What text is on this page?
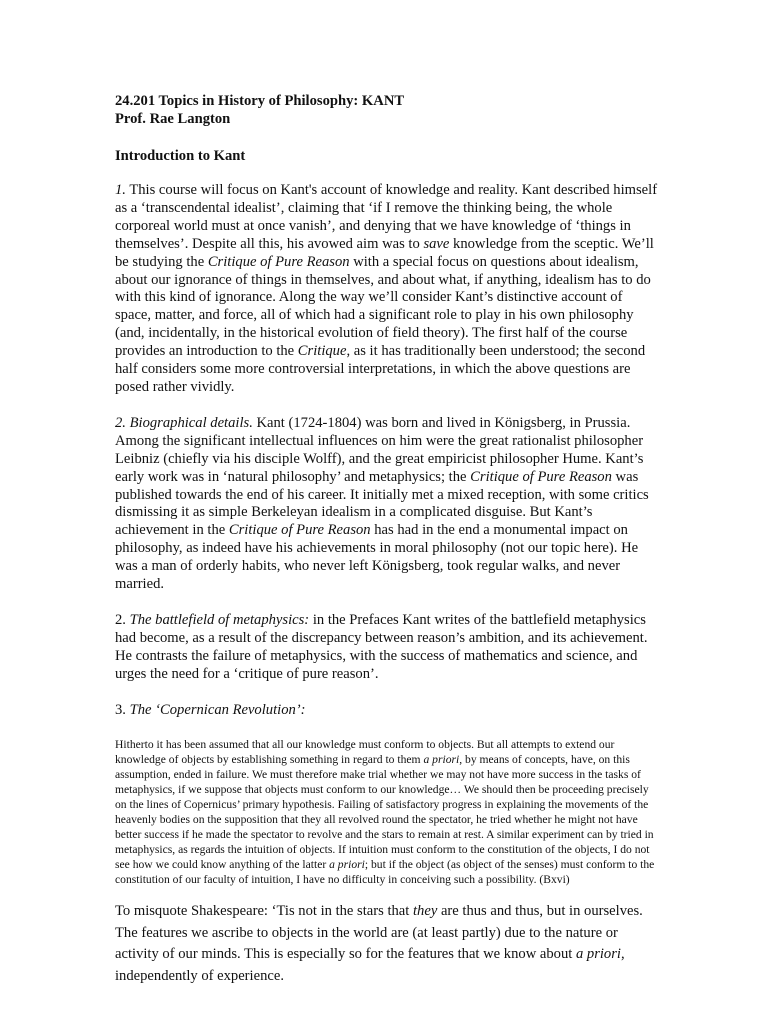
24.201 Topics in History of Philosophy: KANT

Prof. Rae Langton

Introduction to Kant

1. This course will focus on Kant's account of knowledge and reality. Kant described himself as a ‘transcendental idealist’, claiming that ‘if I remove the thinking being, the whole corporeal world must at once vanish’, and denying that we have knowledge of ‘things in themselves’. Despite all this, his avowed aim was to save knowledge from the sceptic. We’ll be studying the Critique of Pure Reason with a special focus on questions about idealism, about our ignorance of things in themselves, and about what, if anything, idealism has to do with this kind of ignorance. Along the way we’ll consider Kant’s distinctive account of space, matter, and force, all of which had a significant role to play in his own philosophy (and, incidentally, in the historical evolution of field theory). The first half of the course provides an introduction to the Critique, as it has traditionally been understood; the second half considers some more controversial interpretations, in which the above questions are posed rather vividly.

2. Biographical details. Kant (1724-1804) was born and lived in Königsberg, in Prussia. Among the significant intellectual influences on him were the great rationalist philosopher Leibniz (chiefly via his disciple Wolff), and the great empiricist philosopher Hume. Kant’s early work was in ‘natural philosophy’ and metaphysics; the Critique of Pure Reason was published towards the end of his career. It initially met a mixed reception, with some critics dismissing it as simple Berkeleyan idealism in a complicated disguise. But Kant’s achievement in the Critique of Pure Reason has had in the end a monumental impact on philosophy, as indeed have his achievements in moral philosophy (not our topic here). He was a man of orderly habits, who never left Königsberg, took regular walks, and never married.

2. The battlefield of metaphysics: in the Prefaces Kant writes of the battlefield metaphysics had become, as a result of the discrepancy between reason’s ambition, and its achievement. He contrasts the failure of metaphysics, with the success of mathematics and science, and urges the need for a ‘critique of pure reason’.

3. The ‘Copernican Revolution’:

Hitherto it has been assumed that all our knowledge must conform to objects. But all attempts to extend our knowledge of objects by establishing something in regard to them a priori, by means of concepts, have, on this assumption, ended in failure. We must therefore make trial whether we may not have more success in the tasks of metaphysics, if we suppose that objects must conform to our knowledge… We should then be proceeding precisely on the lines of Copernicus’ primary hypothesis. Failing of satisfactory progress in explaining the movements of the heavenly bodies on the supposition that they all revolved round the spectator, he tried whether he might not have better success if he made the spectator to revolve and the stars to remain at rest. A similar experiment can by tried in metaphysics, as regards the intuition of objects. If intuition must conform to the constitution of the objects, I do not see how we could know anything of the latter a priori; but if the object (as object of the senses) must conform to the constitution of our faculty of intuition, I have no difficulty in conceiving such a possibility. (Bxvi)

To misquote Shakespeare: ‘Tis not in the stars that they are thus and thus, but in ourselves. The features we ascribe to objects in the world are (at least partly) due to the nature or activity of our minds. This is especially so for the features that we know about a priori, independently of experience.
